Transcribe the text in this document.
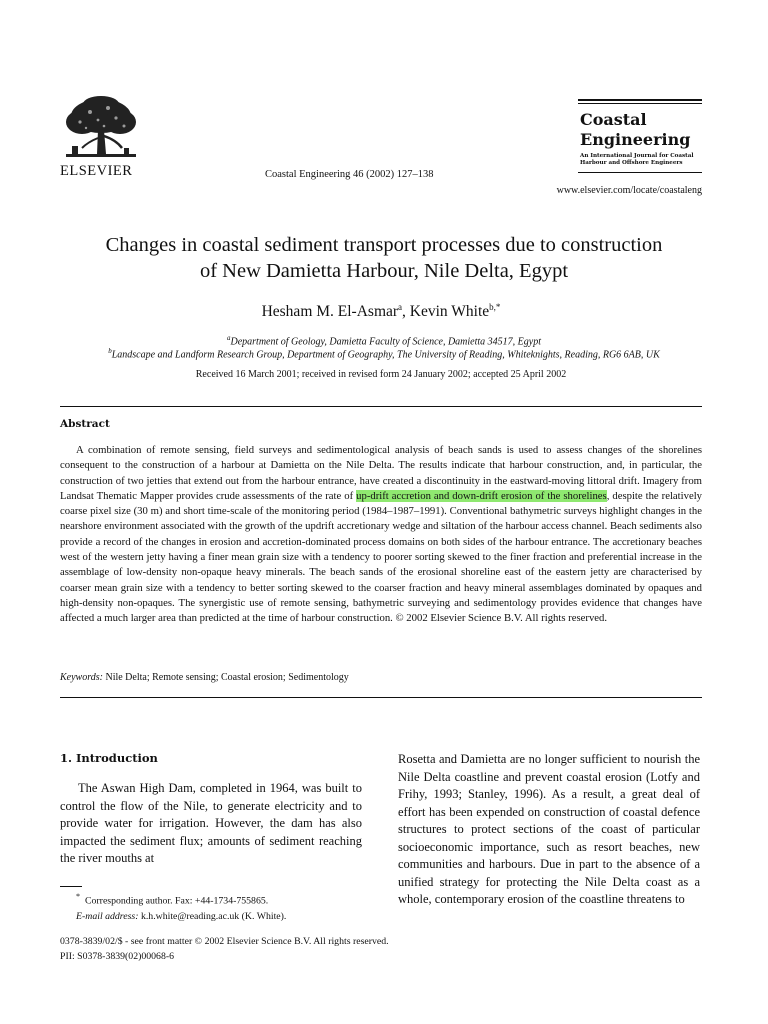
ELSEVIER	Coastal Engineering 46 (2002) 127–138
Coastal
Engineering
An International Journal for Coastal
Harbour and Offshore Engineers
www.elsevier.com/locate/coastaleng
Changes in coastal sediment transport processes due to construction
of New Damietta Harbour, Nile Delta, Egypt
Hesham M. El-Asmar$^a$, Kevin White$^{b,*}$
$^a$Department of Geology, Damietta Faculty of Science, Damietta 34517, Egypt
$^b$Landscape and Landform Research Group, Department of Geography, The University of Reading, Whiteknights, Reading, RG6 6AB, UK
Received 16 March 2001; received in revised form 24 January 2002; accepted 25 April 2002
Abstract

A combination of remote sensing, field surveys and sedimentological analysis of beach sands is used to assess changes of the shorelines consequent to the construction of a harbour at Damietta on the Nile Delta. The results indicate that harbour construction, and, in particular, the construction of two jetties that extend out from the harbour entrance, have created a discontinuity in the eastward-moving littoral drift. Imagery from Landsat Thematic Mapper provides crude assessments of the rate of up-drift accretion and down-drift erosion of the shorelines, despite the relatively coarse pixel size (30 m) and short time-scale of the monitoring period (1984–1987–1991). Conventional bathymetric surveys highlight changes in the nearshore environment associated with the growth of the updrift accretionary wedge and siltation of the harbour access channel. Beach sediments also provide a record of the changes in erosion and accretion-dominated process domains on both sides of the harbour entrance. The accretionary beaches west of the western jetty having a finer mean grain size with a tendency to poorer sorting skewed to the finer fraction and preferential increase in the assemblage of low-density non-opaque heavy minerals. The beach sands of the erosional shoreline east of the eastern jetty are characterised by coarser mean grain size with a tendency to better sorting skewed to the coarser fraction and heavy mineral assemblages dominated by opaques and high-density non-opaques. The synergistic use of remote sensing, bathymetric surveying and sedimentology provides evidence that changes have affected a much larger area than predicted at the time of harbour construction. © 2002 Elsevier Science B.V. All rights reserved.

Keywords: Nile Delta; Remote sensing; Coastal erosion; Sedimentology
1. Introduction

The Aswan High Dam, completed in 1964, was built to control the flow of the Nile, to generate electricity and to provide water for irrigation. However, the dam has also impacted the sediment flux; amounts of sediment reaching the river mouths at

Rosetta and Damietta are no longer sufficient to nourish the Nile Delta coastline and prevent coastal erosion (Lotfy and Frihy, 1993; Stanley, 1996). As a result, a great deal of effort has been expended on construction of coastal defence structures to protect sections of the coast of particular socioeconomic importance, such as resort beaches, new communities and harbours. Due in part to the absence of a unified strategy for protecting the Nile Delta coast as a whole, contemporary erosion of the coastline threatens to

* Corresponding author. Fax: +44-1734-755865.
E-mail address: k.h.white@reading.ac.uk (K. White).
0378-3839/02/$ - see front matter © 2002 Elsevier Science B.V. All rights reserved.
PII: S0378-3839(02)00068-6
